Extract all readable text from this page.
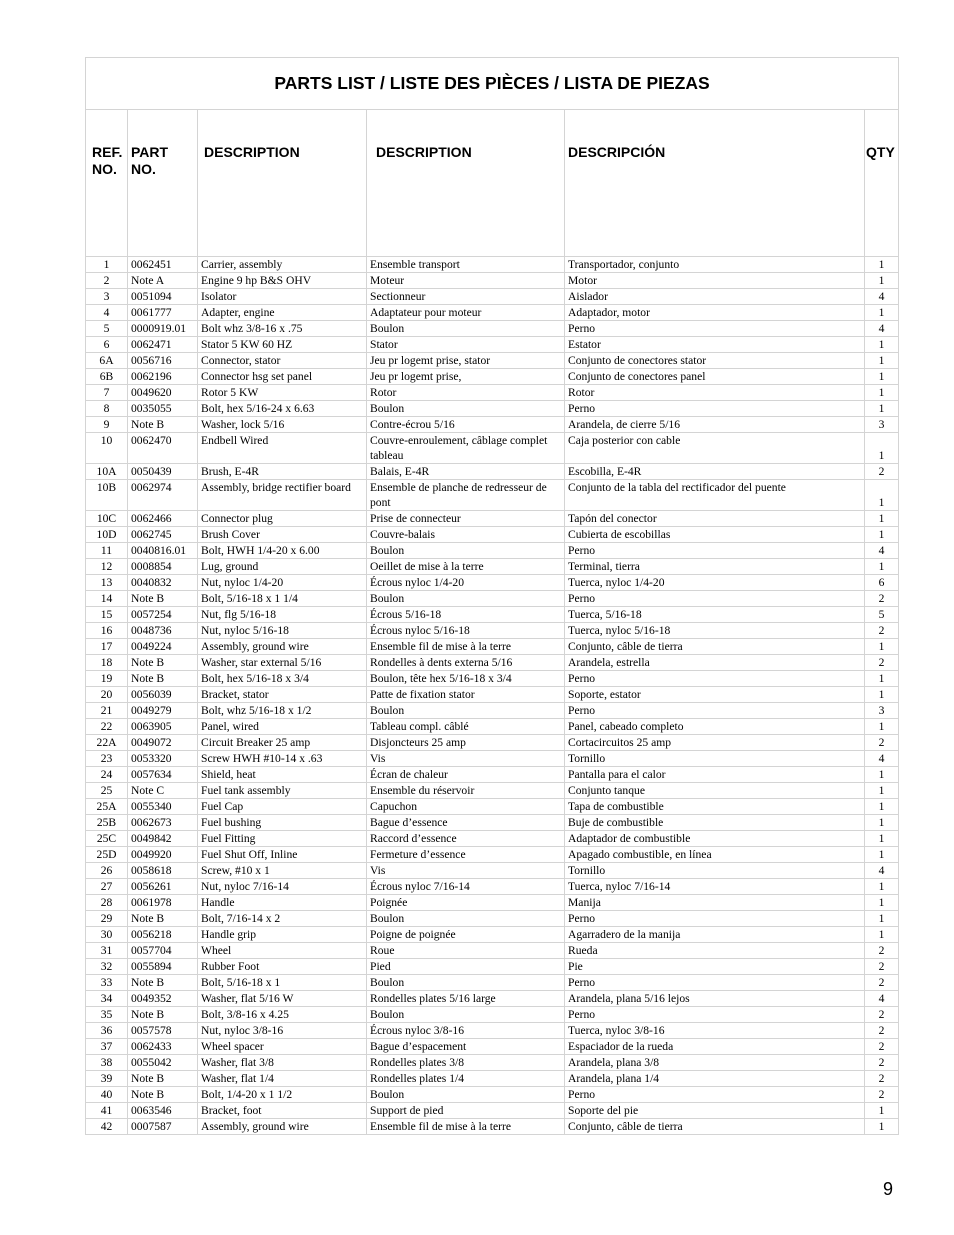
PARTS LIST / LISTE DES PIÈCES / LISTA DE PIEZAS					
REF. NO.	PART NO.	DESCRIPTION	DESCRIPTION	DESCRIPCIÓN	QTY
1	0062451	Carrier, assembly	Ensemble transport	Transportador, conjunto	1
2	Note A	Engine 9 hp B&S OHV	Moteur	Motor	1
3	0051094	Isolator	Sectionneur	Aislador	4
4	0061777	Adapter, engine	Adaptateur pour moteur	Adaptador, motor	1
5	0000919.01	Bolt whz 3/8-16 x .75	Boulon	Perno	4
6	0062471	Stator 5 KW 60 HZ	Stator	Estator	1
6A	0056716	Connector, stator	Jeu pr logemt prise, stator	Conjunto de conectores stator	1
6B	0062196	Connector hsg set panel	Jeu pr logemt prise,	Conjunto de conectores panel	1
7	0049620	Rotor 5 KW	Rotor	Rotor	1
8	0035055	Bolt, hex 5/16-24 x 6.63	Boulon	Perno	1
9	Note B	Washer, lock 5/16	Contre-écrou 5/16	Arandela, de cierre 5/16	3
10	0062470	Endbell Wired	Couvre-enroulement, câblage complet tableau	Caja posterior con cable	1
10A	0050439	Brush, E-4R	Balais, E-4R	Escobilla, E-4R	2
10B	0062974	Assembly, bridge rectifier board	Ensemble de planche de redresseur de pont	Conjunto de la tabla del rectificador del puente	1
10C	0062466	Connector plug	Prise de connecteur	Tapón del conector	1
10D	0062745	Brush Cover	Couvre-balais	Cubierta de escobillas	1
11	0040816.01	Bolt, HWH 1/4-20 x 6.00	Boulon	Perno	4
12	0008854	Lug, ground	Oeillet de mise à la terre	Terminal, tierra	1
13	0040832	Nut, nyloc 1/4-20	Écrous nyloc 1/4-20	Tuerca, nyloc 1/4-20	6
14	Note B	Bolt, 5/16-18 x 1 1/4	Boulon	Perno	2
15	0057254	Nut, flg 5/16-18	Écrous 5/16-18	Tuerca, 5/16-18	5
16	0048736	Nut, nyloc 5/16-18	Écrous nyloc 5/16-18	Tuerca, nyloc 5/16-18	2
17	0049224	Assembly, ground wire	Ensemble fil de mise à la terre	Conjunto, câble de tierra	1
18	Note B	Washer, star external 5/16	Rondelles à dents externa 5/16	Arandela, estrella	2
19	Note B	Bolt, hex 5/16-18 x 3/4	Boulon, tête hex 5/16-18 x 3/4	Perno	1
20	0056039	Bracket, stator	Patte de fixation stator	Soporte, estator	1
21	0049279	Bolt, whz 5/16-18 x 1/2	Boulon	Perno	3
22	0063905	Panel, wired	Tableau compl. câblé	Panel, cabeado completo	1
22A	0049072	Circuit Breaker 25 amp	Disjoncteurs 25 amp	Cortacircuitos 25 amp	2
23	0053320	Screw HWH #10-14 x .63	Vis	Tornillo	4
24	0057634	Shield, heat	Écran de chaleur	Pantalla para el calor	1
25	Note C	Fuel tank assembly	Ensemble du réservoir	Conjunto tanque	1
25A	0055340	Fuel Cap	Capuchon	Tapa de combustible	1
25B	0062673	Fuel bushing	Bague d’essence	Buje de combustible	1
25C	0049842	Fuel Fitting	Raccord d’essence	Adaptador de combustible	1
25D	0049920	Fuel Shut Off, Inline	Fermeture d’essence	Apagado combustible, en línea	1
26	0058618	Screw, #10 x 1	Vis	Tornillo	4
27	0056261	Nut, nyloc 7/16-14	Écrous nyloc 7/16-14	Tuerca, nyloc 7/16-14	1
28	0061978	Handle	Poignée	Manija	1
29	Note B	Bolt, 7/16-14 x 2	Boulon	Perno	1
30	0056218	Handle grip	Poigne de poignée	Agarradero de la manija	1
31	0057704	Wheel	Roue	Rueda	2
32	0055894	Rubber Foot	Pied	Pie	2
33	Note B	Bolt, 5/16-18 x 1	Boulon	Perno	2
34	0049352	Washer, flat 5/16 W	Rondelles plates 5/16 large	Arandela, plana 5/16 lejos	4
35	Note B	Bolt, 3/8-16 x 4.25	Boulon	Perno	2
36	0057578	Nut, nyloc 3/8-16	Écrous nyloc 3/8-16	Tuerca, nyloc 3/8-16	2
37	0062433	Wheel spacer	Bague d’espacement	Espaciador de la rueda	2
38	0055042	Washer, flat 3/8	Rondelles plates 3/8	Arandela, plana 3/8	2
39	Note B	Washer, flat 1/4	Rondelles plates 1/4	Arandela, plana 1/4	2
40	Note B	Bolt, 1/4-20 x 1 1/2	Boulon	Perno	2
41	0063546	Bracket, foot	Support de pied	Soporte del pie	1
42	0007587	Assembly, ground wire	Ensemble fil de mise à la terre	Conjunto, câble de tierra	1
9
